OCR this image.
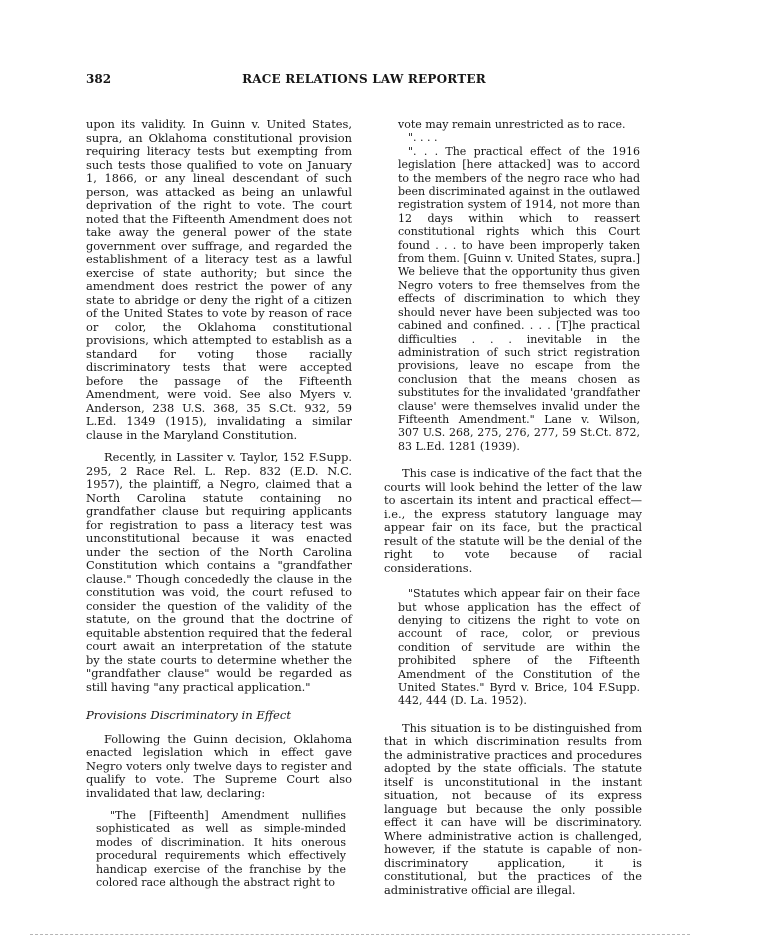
382	RACE RELATIONS LAW REPORTER

upon its validity. In Guinn v. United States, supra, an Oklahoma constitutional provision requiring literacy tests but exempting from such tests those qualified to vote on January 1, 1866, or any lineal descendant of such person, was attacked as being an unlawful deprivation of the right to vote. The court noted that the Fifteenth Amendment does not take away the general power of the state government over suffrage, and regarded the establishment of a literacy test as a lawful exercise of state authority; but since the amendment does restrict the power of any state to abridge or deny the right of a citizen of the United States to vote by reason of race or color, the Oklahoma constitutional provisions, which attempted to establish as a standard for voting those racially discriminatory tests that were accepted before the passage of the Fifteenth Amendment, were void. See also Myers v. Anderson, 238 U.S. 368, 35 S.Ct. 932, 59 L.Ed. 1349 (1915), invalidating a similar clause in the Maryland Constitution.

Recently, in Lassiter v. Taylor, 152 F.Supp. 295, 2 Race Rel. L. Rep. 832 (E.D. N.C. 1957), the plaintiff, a Negro, claimed that a North Carolina statute containing no grandfather clause but requiring applicants for registration to pass a literacy test was unconstitutional because it was enacted under the section of the North Carolina Constitution which contains a "grandfather clause." Though concededly the clause in the constitution was void, the court refused to consider the question of the validity of the statute, on the ground that the doctrine of equitable abstention required that the federal court await an interpretation of the statute by the state courts to determine whether the "grandfather clause" would be regarded as still having "any practical application."

Provisions Discriminatory in Effect

Following the Guinn decision, Oklahoma enacted legislation which in effect gave Negro voters only twelve days to register and qualify to vote. The Supreme Court also invalidated that law, declaring:

"The [Fifteenth] Amendment nullifies sophisticated as well as simple-minded modes of discrimination. It hits onerous procedural requirements which effectively handicap exercise of the franchise by the colored race although the abstract right to

vote may remain unrestricted as to race.

". . . .

". . . The practical effect of the 1916 legislation [here attacked] was to accord to the members of the negro race who had been discriminated against in the outlawed registration system of 1914, not more than 12 days within which to reassert constitutional rights which this Court found . . . to have been improperly taken from them. [Guinn v. United States, supra.] We believe that the opportunity thus given Negro voters to free themselves from the effects of discrimination to which they should never have been subjected was too cabined and confined. . . . [T]he practical difficulties . . . inevitable in the administration of such strict registration provisions, leave no escape from the conclusion that the means chosen as substitutes for the invalidated 'grandfather clause' were themselves invalid under the Fifteenth Amendment." Lane v. Wilson, 307 U.S. 268, 275, 276, 277, 59 St.Ct. 872, 83 L.Ed. 1281 (1939).

This case is indicative of the fact that the courts will look behind the letter of the law to ascertain its intent and practical effect—i.e., the express statutory language may appear fair on its face, but the practical result of the statute will be the denial of the right to vote because of racial considerations.

"Statutes which appear fair on their face but whose application has the effect of denying to citizens the right to vote on account of race, color, or previous condition of servitude are within the prohibited sphere of the Fifteenth Amendment of the Constitution of the United States." Byrd v. Brice, 104 F.Supp. 442, 444 (D. La. 1952).

This situation is to be distinguished from that in which discrimination results from the administrative practices and procedures adopted by the state officials. The statute itself is unconstitutional in the instant situation, not because of its express language but because the only possible effect it can have will be discriminatory. Where administrative action is challenged, however, if the statute is capable of non-discriminatory application, it is constitutional, but the practices of the administrative official are illegal.
